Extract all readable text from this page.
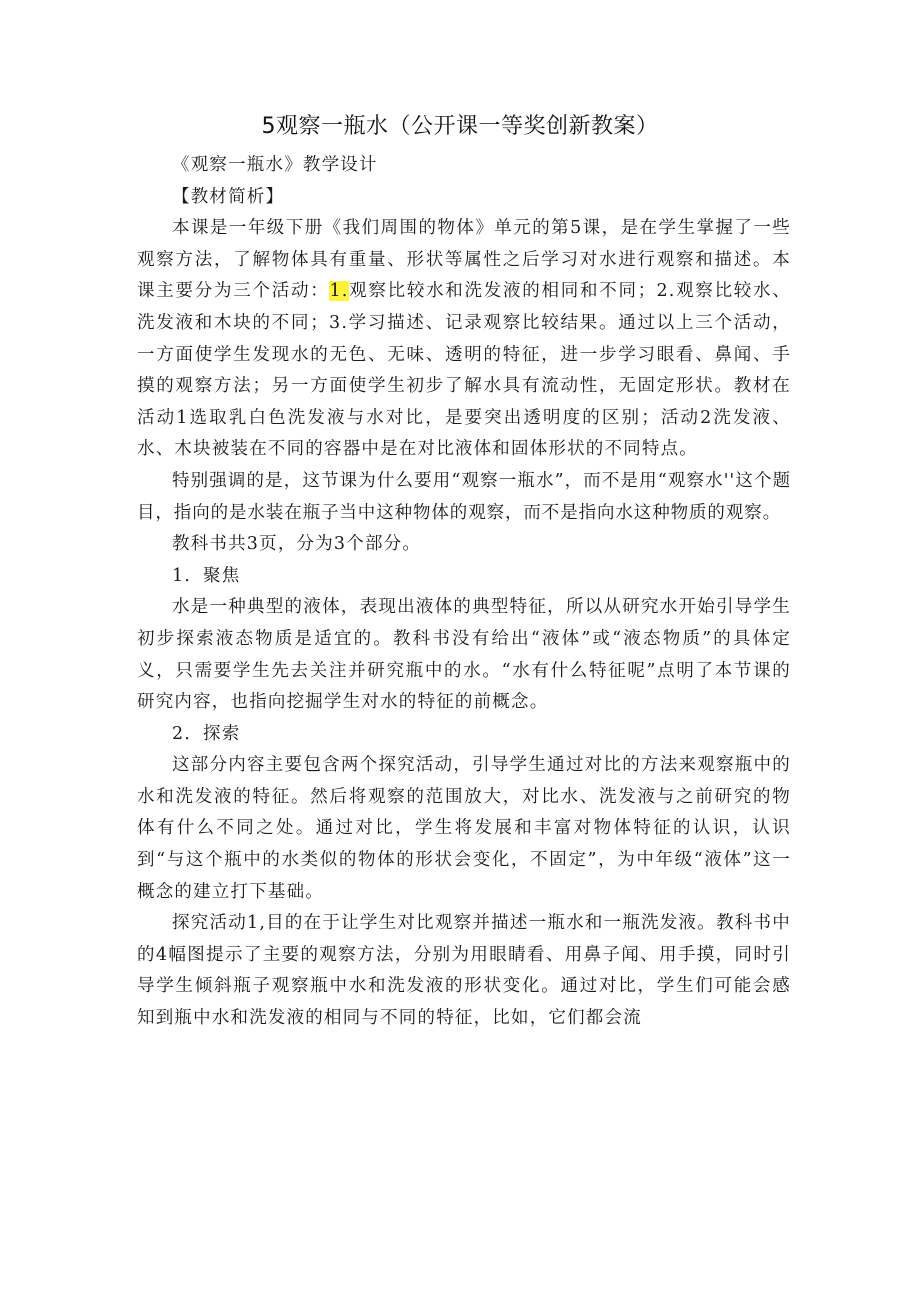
5观察一瓶水（公开课一等奖创新教案）

《观察一瓶水》教学设计

【教材简析】

本课是一年级下册《我们周围的物体》单元的第5课，是在学生掌握了一些观察方法，了解物体具有重量、形状等属性之后学习对水进行观察和描述。本课主要分为三个活动：1.观察比较水和洗发液的相同和不同；2.观察比较水、洗发液和木块的不同；3.学习描述、记录观察比较结果。通过以上三个活动，一方面使学生发现水的无色、无味、透明的特征，进一步学习眼看、鼻闻、手摸的观察方法；另一方面使学生初步了解水具有流动性，无固定形状。教材在活动1选取乳白色洗发液与水对比，是要突出透明度的区别；活动2洗发液、水、木块被装在不同的容器中是在对比液体和固体形状的不同特点。

特别强调的是，这节课为什么要用“观察一瓶水”，而不是用“观察水''这个题目，指向的是水装在瓶子当中这种物体的观察，而不是指向水这种物质的观察。

教科书共3页，分为3个部分。

1．聚焦

水是一种典型的液体，表现出液体的典型特征，所以从研究水开始引导学生初步探索液态物质是适宜的。教科书没有给出“液体”或“液态物质”的具体定义，只需要学生先去关注并研究瓶中的水。“水有什么特征呢”点明了本节课的研究内容，也指向挖掘学生对水的特征的前概念。

2．探索

这部分内容主要包含两个探究活动，引导学生通过对比的方法来观察瓶中的水和洗发液的特征。然后将观察的范围放大，对比水、洗发液与之前研究的物体有什么不同之处。通过对比，学生将发展和丰富对物体特征的认识，认识到“与这个瓶中的水类似的物体的形状会变化，不固定”，为中年级“液体”这一概念的建立打下基础。

探究活动1,目的在于让学生对比观察并描述一瓶水和一瓶洗发液。教科书中的4幅图提示了主要的观察方法，分别为用眼睛看、用鼻子闻、用手摸，同时引导学生倾斜瓶子观察瓶中水和洗发液的形状变化。通过对比，学生们可能会感知到瓶中水和洗发液的相同与不同的特征，比如，它们都会流
